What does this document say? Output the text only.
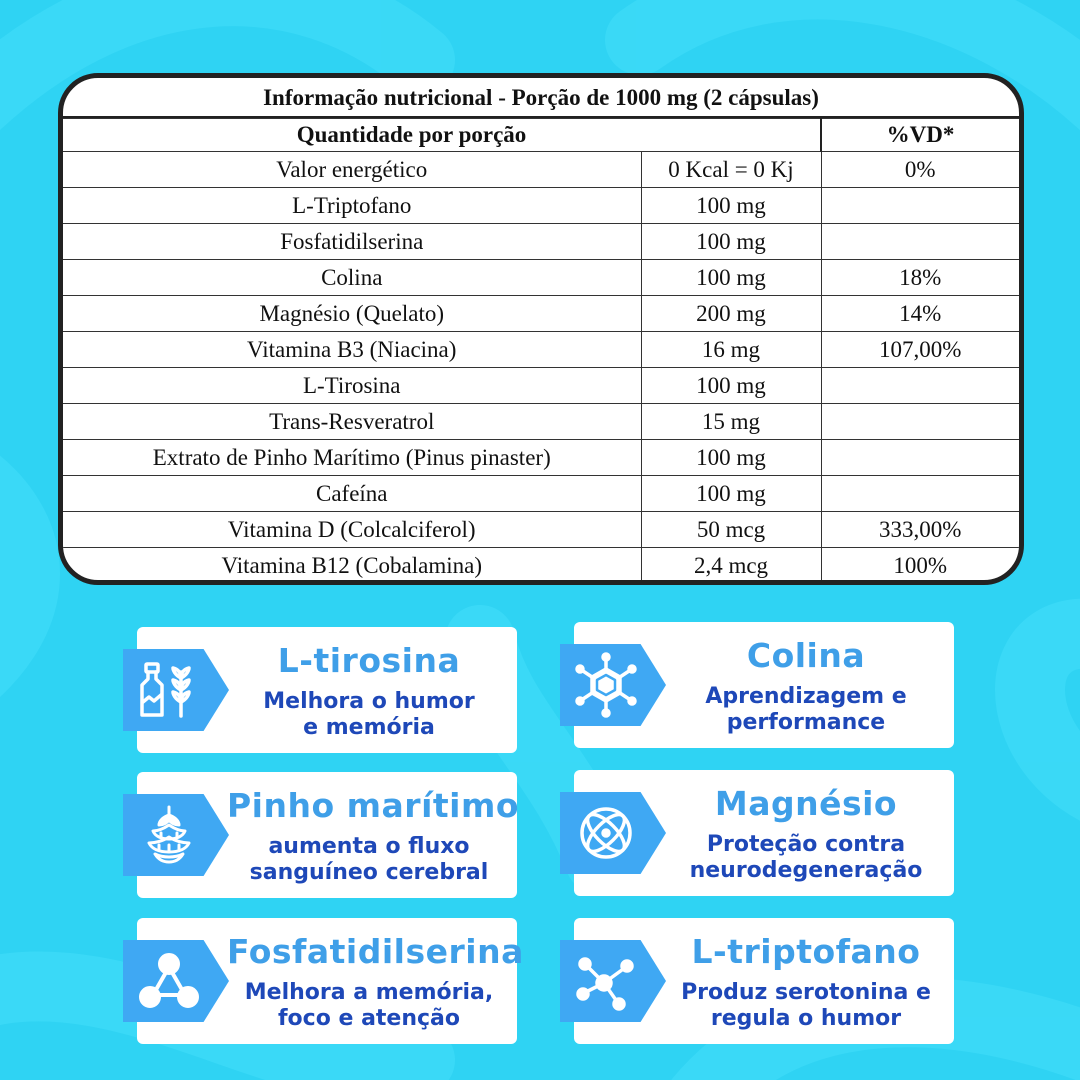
Informação nutricional - Porção de 1000 mg (2 cápsulas)
Quantidade por porção		%VD*
Valor energético	0 Kcal = 0 Kj	0%
L-Triptofano	100 mg	
Fosfatidilserina	100 mg	
Colina	100 mg	18%
Magnésio (Quelato)	200 mg	14%
Vitamina B3 (Niacina)	16 mg	107,00%
L-Tirosina	100 mg	
Trans-Resveratrol	15 mg	
Extrato de Pinho Marítimo (Pinus pinaster)	100 mg	
Cafeína	100 mg	
Vitamina D (Colcalciferol)	50 mcg	333,00%
Vitamina B12 (Cobalamina)	2,4 mcg	100%
L-tirosina
Melhora o humor
e memória
Colina
Aprendizagem e
performance
Pinho marítimo
aumenta o fluxo
sanguíneo cerebral
Magnésio
Proteção contra
neurodegeneração
Fosfatidilserina
Melhora a memória,
foco e atenção
L-triptofano
Produz serotonina e
regula o humor
